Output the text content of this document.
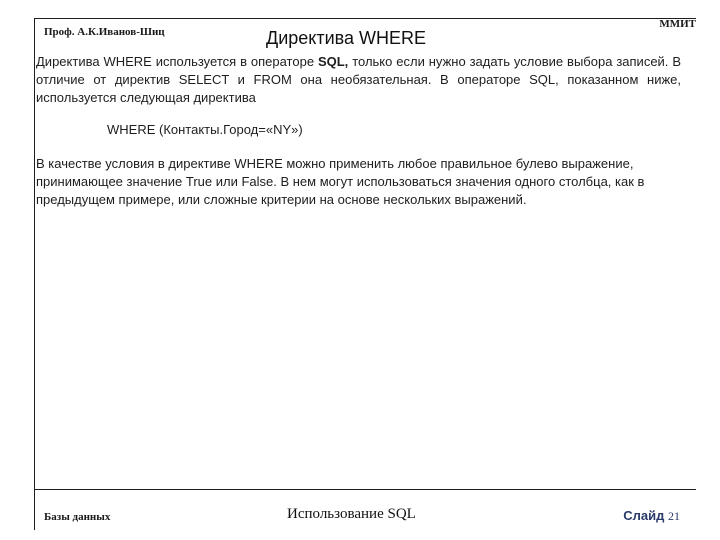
Проф. А.К.Иванов-Шиц	Директива WHERE
ММИТ
Директива WHERE используется в операторе SQL, только если нужно задать условие выбора записей. В отличие от директив SELECT и FROM она необязательная. В операторе SQL, показанном ниже, используется следующая директива
WHERE (Контакты.Город=«NY»)
В качестве условия в директиве WHERE можно применить любое правильное булево выражение, принимающее значение True или False. В нем могут использоваться значения одного столбца, как в предыдущем примере, или сложные критерии на основе нескольких выражений.
Базы данных	Использование SQL	Слайд 21
